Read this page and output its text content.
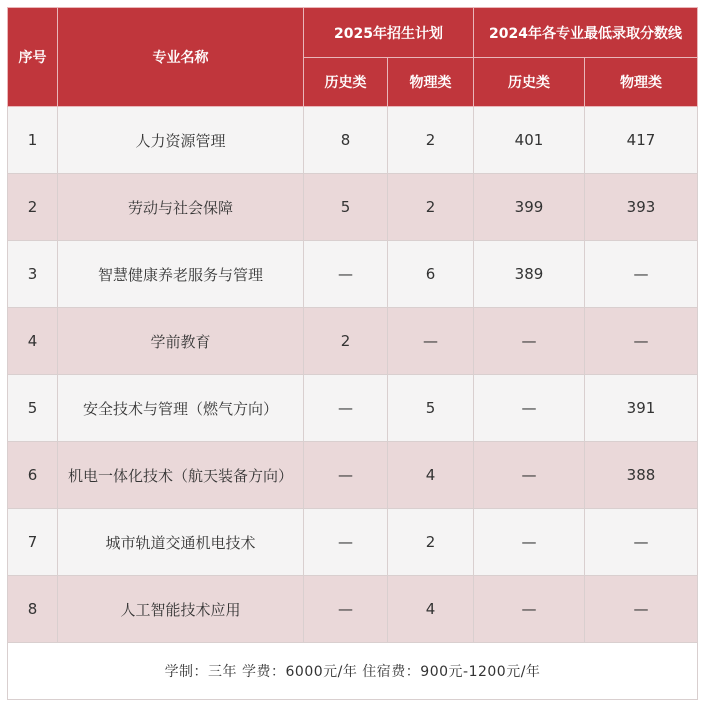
序号	专业名称	2025年招生计划		2024年各专业最低录取分数线	
		历史类	物理类	历史类	物理类
1	人力资源管理	8	2	401	417
2	劳动与社会保障	5	2	399	393
3	智慧健康养老服务与管理	—	6	389	—
4	学前教育	2	—	—	—
5	安全技术与管理（燃气方向）	—	5	—	391
6	机电一体化技术（航天装备方向）	—	4	—	388
7	城市轨道交通机电技术	—	2	—	—
8	人工智能技术应用	—	4	—	—
学制：三年 学费：6000元/年 住宿费：900元-1200元/年					
